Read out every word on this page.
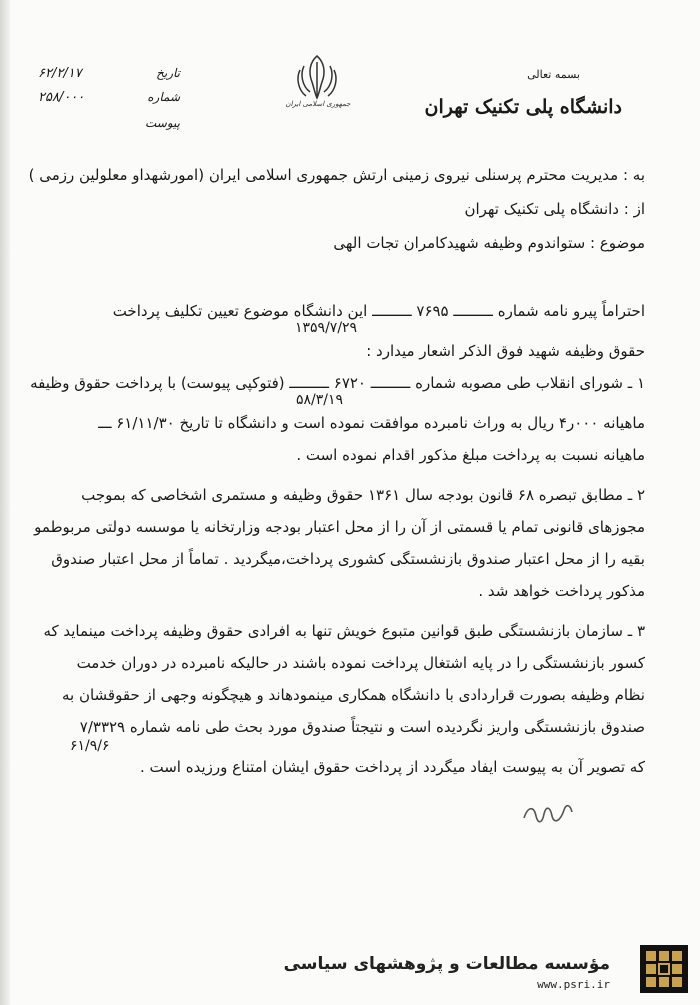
بسمه تعالی
دانشگاه پلی تکنیک تهران
جمهوری اسلامی ایران
تاریخ
۶۲/۲/۱۷
شماره
۲۵۸/۰۰۰
پیوست
به : مدیریت محترم پرسنلی نیروی زمینی ارتش جمهوری اسلامی ایران (امورشهداو معلولین رزمی )
از : دانشگاه پلی تکنیک تهران
موضوع : ستواندوم وظیفه شهیدکامران تجات الهی
احتراماً پیرو نامه شماره ـــــــــ ۷۶۹۵ ـــــــــ این دانشگاه موضوع تعیین تکلیف پرداخت
۱۳۵۹/۷/۲۹
حقوق وظیفه شهید فوق الذکر اشعار میدارد :
۱ ـ شورای انقلاب طی مصوبه شماره ـــــــــ ۶۷۲۰ ـــــــــ (فتوکپی پیوست) با پرداخت حقوق وظیفه
۵۸/۳/۱۹
ماهیانه ۰۰۰ر۴ ریال به وراث نامبرده موافقت نموده است و دانشگاه تا تاریخ ۶۱/۱۱/۳۰ ـــ
ماهیانه نسبت به پرداخت مبلغ مذکور اقدام نموده است .
۲ ـ مطابق تبصره ۶۸ قانون بودجه سال ۱۳۶۱ حقوق وظیفه و مستمری اشخاصی که بموجب
مجوزهای قانونی تمام یا قسمتی از آن را از محل اعتبار بودجه وزارتخانه یا موسسه دولتی مربوطمو
بقیه را از محل اعتبار صندوق بازنشستگی کشوری پرداخت،میگردید . تماماً از محل اعتبار صندوق
مذکور پرداخت خواهد شد .
۳ ـ سازمان بازنشستگی طبق قوانین متبوع خویش تنها به افرادی حقوق وظیفه پرداخت مینماید که
کسور بازنشستگی را در پایه اشتغال پرداخت نموده باشند در حالیکه نامبرده در دوران خدمت
نظام وظیفه بصورت قراردادی با دانشگاه همکاری مینمودهاند و هیچگونه وجهی از حقوقشان به
صندوق بازنشستگی واریز نگردیده است و نتیجتاً صندوق مورد بحث طی نامه شماره ۷/۳۳۲۹
۶۱/۹/۶
که تصویر آن به پیوست ایفاد میگردد از پرداخت حقوق ایشان امتناع ورزیده است .
مؤسسه مطالعات و پژوهشهای سیاسی
www.psri.ir
